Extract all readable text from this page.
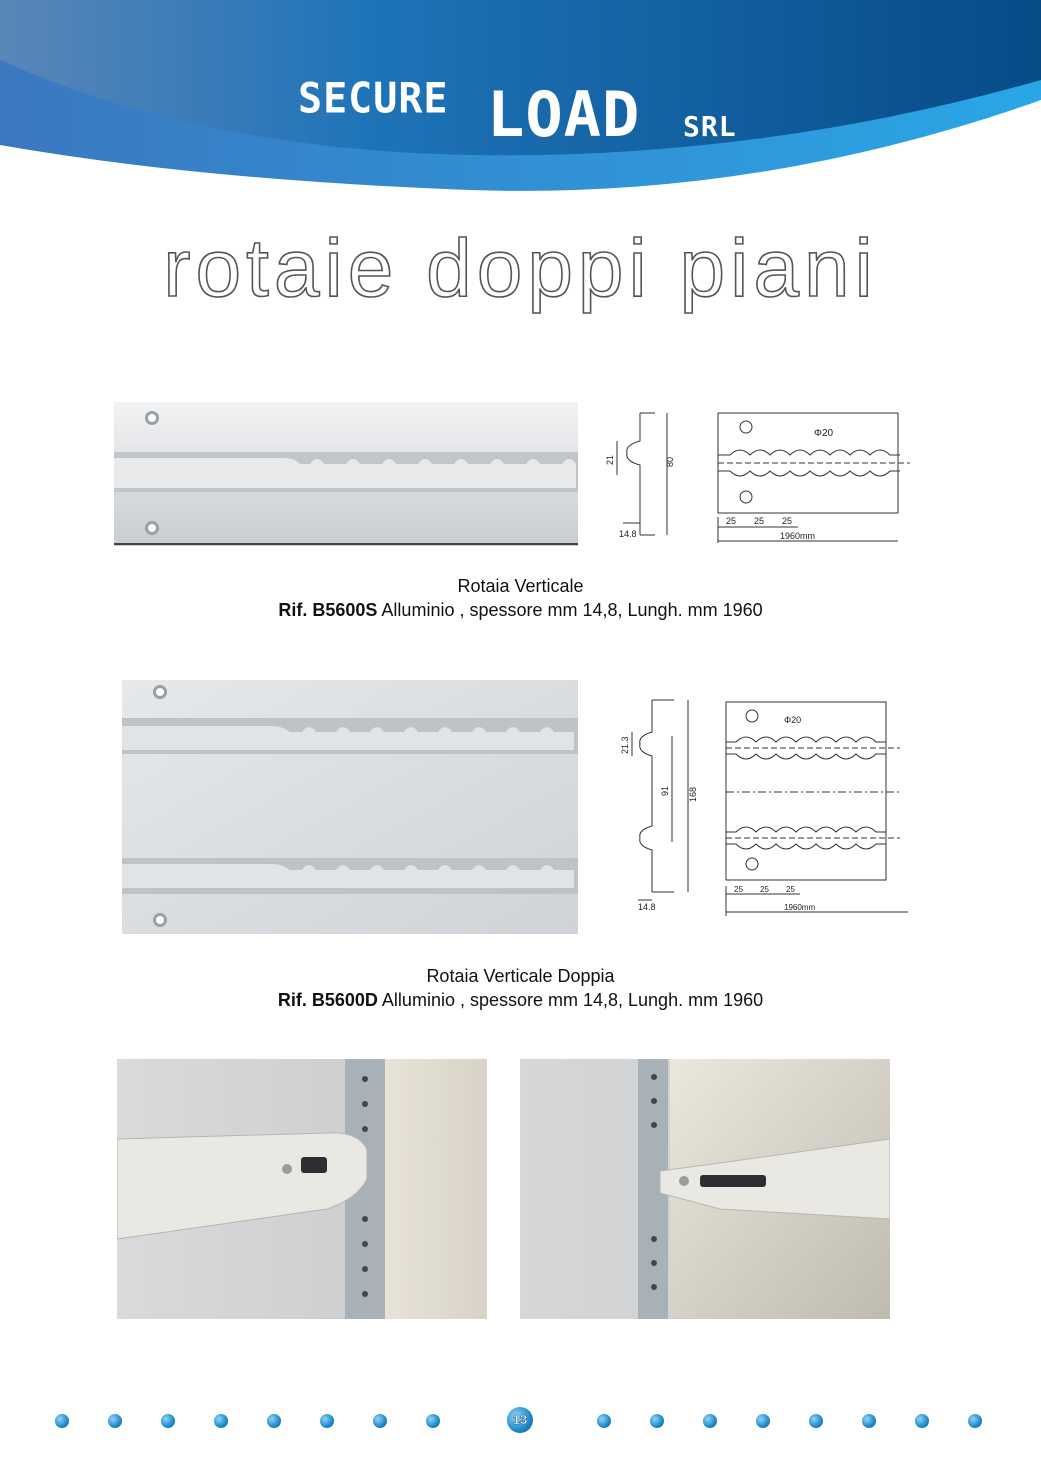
SECURE LOAD SRL
rotaie doppi piani
21	80
14.8
Φ20
25 25 25
1960mm
Rotaia Verticale
Rif. B5600S Alluminio , spessore mm 14,8, Lungh. mm 1960
21.3
91 168
14.8
Φ20
25 25 25
1960mm
Rotaia Verticale Doppia
Rif. B5600D Alluminio , spessore mm 14,8, Lungh. mm 1960
13
